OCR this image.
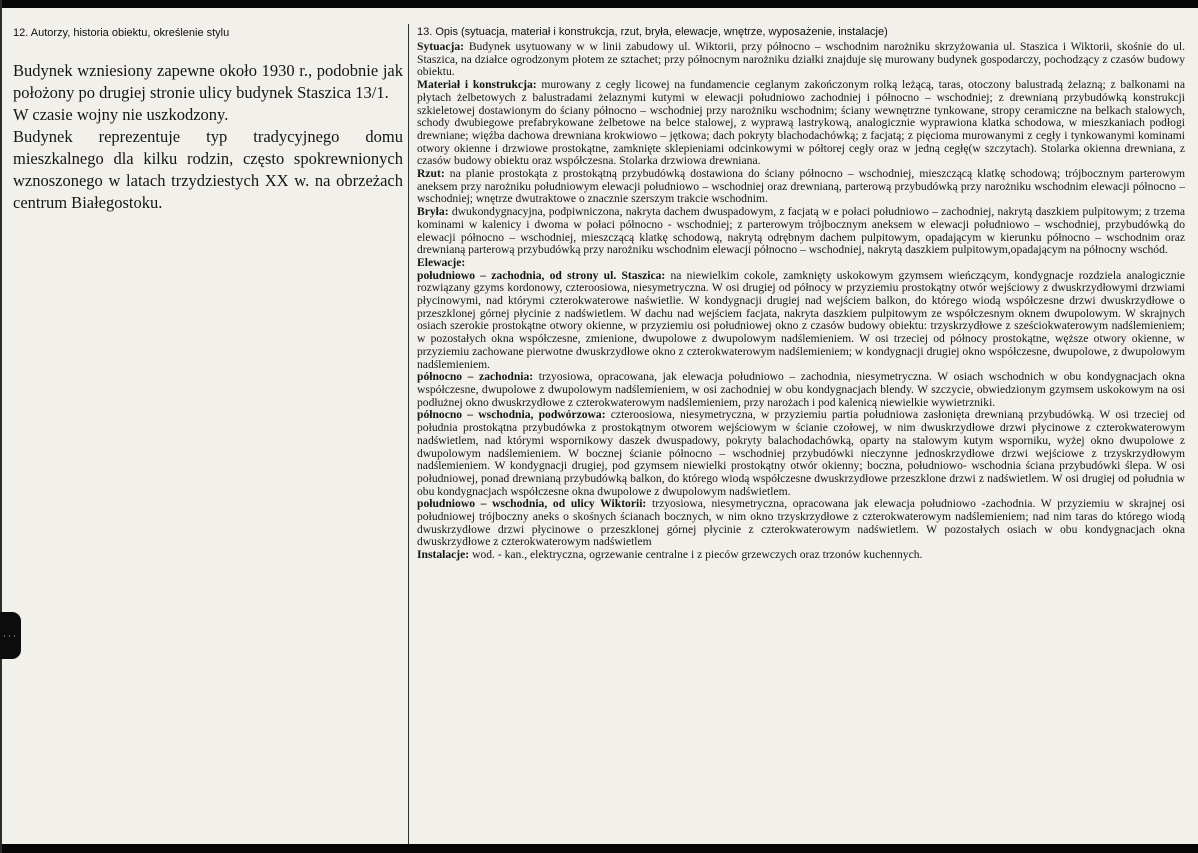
···
12. Autorzy, historia obiektu, określenie stylu

Budynek wzniesiony zapewne około 1930 r., podobnie jak położony po drugiej stronie ulicy budynek Staszica 13/1.

W czasie wojny nie uszkodzony.

Budynek reprezentuje typ tradycyjnego domu mieszkalnego dla kilku rodzin, często spokrewnionych wznoszonego w latach trzydziestych XX w. na obrzeżach centrum Białegostoku.

13. Opis (sytuacja, materiał i konstrukcja, rzut, bryła, elewacje, wnętrze, wyposażenie, instalacje)

Sytuacja: Budynek usytuowany w w linii zabudowy ul. Wiktorii, przy północno – wschodnim narożniku skrzyżowania ul. Staszica i Wiktorii, skośnie do ul. Staszica, na działce ogrodzonym płotem ze sztachet; przy północnym narożniku działki znajduje się murowany budynek gospodarczy, pochodzący z czasów budowy obiektu.

Materiał i konstrukcja: murowany z cegły licowej na fundamencie ceglanym zakończonym rolką leżącą, taras, otoczony balustradą żelazną; z balkonami na płytach żelbetowych z balustradami żelaznymi kutymi w elewacji południowo zachodniej i północno – wschodniej; z drewnianą przybudówką konstrukcji szkieletowej dostawionym do ściany północno – wschodniej przy narożniku wschodnim; ściany wewnętrzne tynkowane, stropy ceramiczne na belkach stalowych, schody dwubiegowe prefabrykowane żelbetowe na belce stalowej, z wyprawą lastrykową, analogicznie wyprawiona klatka schodowa, w mieszkaniach podłogi drewniane; więźba dachowa drewniana krokwiowo – jętkowa; dach pokryty blachodachówką; z facjatą; z pięcioma murowanymi z cegły i tynkowanymi kominami otwory okienne i drzwiowe prostokątne, zamknięte sklepieniami odcinkowymi w półtorej cegły oraz w jedną cegłę(w szczytach). Stolarka okienna drewniana, z czasów budowy obiektu oraz współczesna. Stolarka drzwiowa drewniana.

Rzut: na planie prostokąta z prostokątną przybudówką dostawiona do ściany północno – wschodniej, mieszczącą klatkę schodową; trójbocznym parterowym aneksem przy narożniku południowym elewacji południowo – wschodniej oraz drewnianą, parterową przybudówką przy narożniku wschodnim elewacji północno – wschodniej; wnętrze dwutraktowe o znacznie szerszym trakcie wschodnim.

Bryła: dwukondygnacyjna, podpiwniczona, nakryta dachem dwuspadowym, z facjatą w e połaci południowo – zachodniej, nakrytą daszkiem pulpitowym; z trzema kominami w kalenicy i dwoma w połaci północno - wschodniej; z parterowym trójbocznym aneksem w elewacji południowo – wschodniej, przybudówką do elewacji północno – wschodniej, mieszczącą klatkę schodową, nakrytą odrębnym dachem pulpitowym, opadającym w kierunku północno – wschodnim oraz drewnianą parterową przybudówką przy narożniku wschodnim elewacji północno – wschodniej, nakrytą daszkiem pulpitowym,opadającym na północny wschód.

Elewacje:

południowo – zachodnia, od strony ul. Staszica: na niewielkim cokole, zamknięty uskokowym gzymsem wieńczącym, kondygnacje rozdziela analogicznie rozwiązany gzyms kordonowy, czteroosiowa, niesymetryczna. W osi drugiej od północy w przyziemiu prostokątny otwór wejściowy z dwuskrzydłowymi drzwiami płycinowymi, nad którymi czterokwaterowe naświetlie. W kondygnacji drugiej nad wejściem balkon, do którego wiodą współczesne drzwi dwuskrzydłowe o przeszklonej górnej płycinie z nadświetlem. W dachu nad wejściem facjata, nakryta daszkiem pulpitowym ze współczesnym oknem dwupolowym. W skrajnych osiach szerokie prostokątne otwory okienne, w przyziemiu osi południowej okno z czasów budowy obiektu: trzyskrzydłowe z sześciokwaterowym nadślemieniem; w pozostałych okna współczesne, zmienione, dwupolowe z dwupolowym nadślemieniem. W osi trzeciej od północy prostokątne, węższe otwory okienne, w przyziemiu zachowane pierwotne dwuskrzydłowe okno z czterokwaterowym nadślemieniem; w kondygnacji drugiej okno współczesne, dwupolowe, z dwupolowym nadślemieniem.

północno – zachodnia: trzyosiowa, opracowana, jak elewacja południowo – zachodnia, niesymetryczna. W osiach wschodnich w obu kondygnacjach okna współczesne, dwupolowe z dwupolowym nadślemieniem, w osi zachodniej w obu kondygnacjach blendy. W szczycie, obwiedzionym gzymsem uskokowym na osi podłużnej okno dwuskrzydłowe z czterokwaterowym nadślemieniem, przy narożach i pod kalenicą niewielkie wywietrzniki.

północno – wschodnia, podwórzowa: czteroosiowa, niesymetryczna, w przyziemiu partia południowa zasłonięta drewnianą przybudówką. W osi trzeciej od południa prostokątna przybudówka z prostokątnym otworem wejściowym w ścianie czołowej, w nim dwuskrzydłowe drzwi płycinowe z czterokwaterowym nadświetlem, nad którymi wspornikowy daszek dwuspadowy, pokryty balachodachówką, oparty na stalowym kutym wsporniku, wyżej okno dwupolowe z dwupolowym nadślemieniem. W bocznej ścianie północno – wschodniej przybudówki nieczynne jednoskrzydłowe drzwi wejściowe z trzyskrzydłowym nadślemieniem. W kondygnacji drugiej, pod gzymsem niewielki prostokątny otwór okienny; boczna, południowo- wschodnia ściana przybudówki ślepa. W osi południowej, ponad drewnianą przybudówką balkon, do którego wiodą współczesne dwuskrzydłowe przeszklone drzwi z nadświetlem. W osi drugiej od południa w obu kondygnacjach współczesne okna dwupolowe z dwupolowym nadświetlem.

południowo – wschodnia, od ulicy Wiktorii: trzyosiowa, niesymetryczna, opracowana jak elewacja południowo -zachodnia. W przyziemiu w skrajnej osi południowej trójboczny aneks o skośnych ścianach bocznych, w nim okno trzyskrzydłowe z czterokwaterowym nadślemieniem; nad nim taras do którego wiodą dwuskrzydłowe drzwi płycinowe o przeszklonej górnej płycinie z czterokwaterowym nadświetlem. W pozostałych osiach w obu kondygnacjach okna dwuskrzydłowe z czterokwaterowym nadświetlem

Instalacje: wod. - kan., elektryczna, ogrzewanie centralne i z pieców grzewczych oraz trzonów kuchennych.
